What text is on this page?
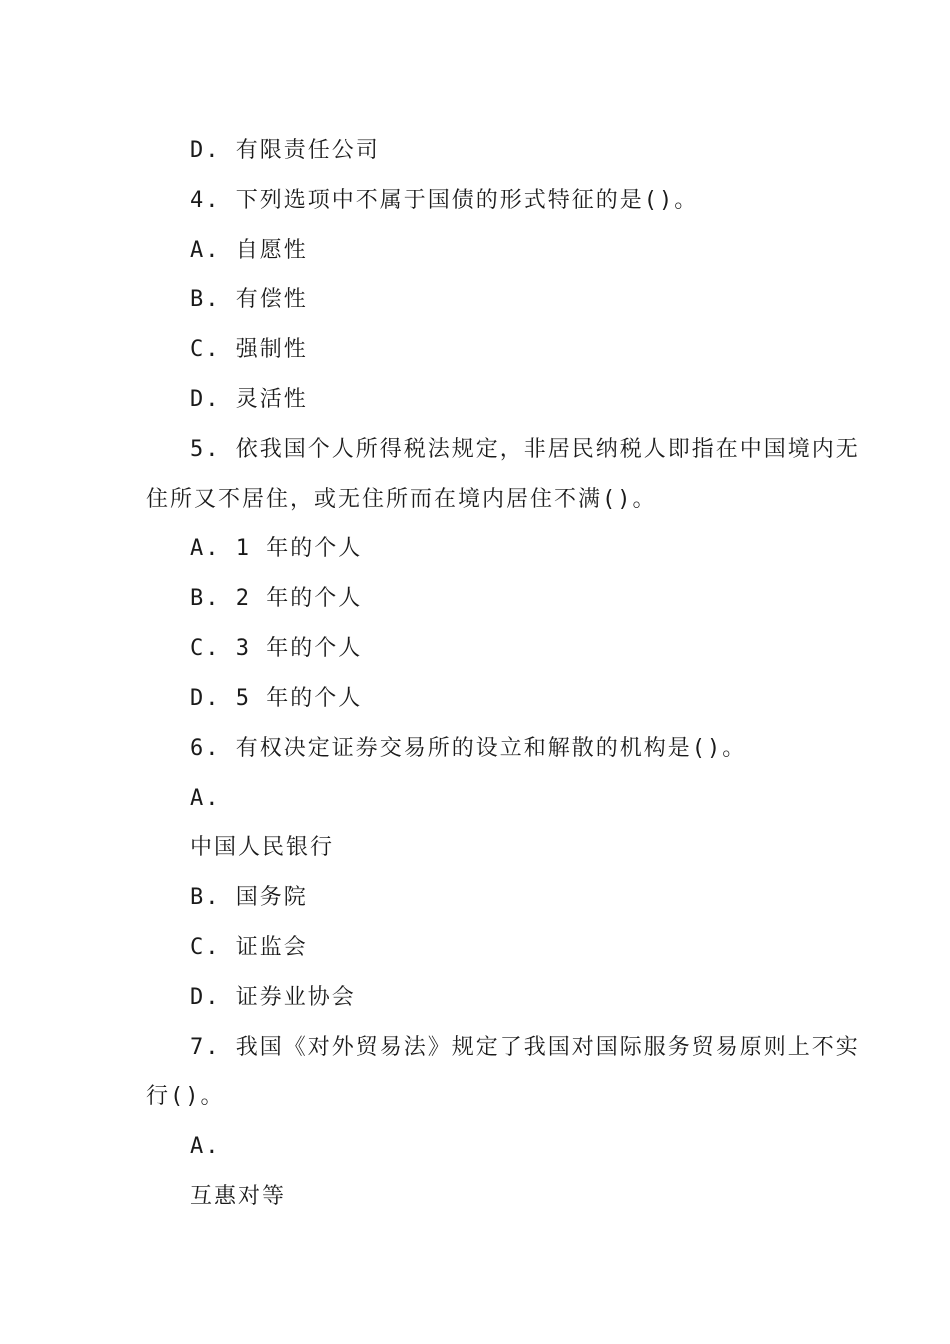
D. 有限责任公司
4. 下列选项中不属于国债的形式特征的是()。
A. 自愿性
B. 有偿性
C. 强制性
D. 灵活性
5. 依我国个人所得税法规定，非居民纳税人即指在中国境内无
住所又不居住，或无住所而在境内居住不满()。
A. 1 年的个人
B. 2 年的个人
C. 3 年的个人
D. 5 年的个人
6. 有权决定证券交易所的设立和解散的机构是()。
A.
中国人民银行
B. 国务院
C. 证监会
D. 证券业协会
7. 我国《对外贸易法》规定了我国对国际服务贸易原则上不实
行()。
A.
互惠对等
